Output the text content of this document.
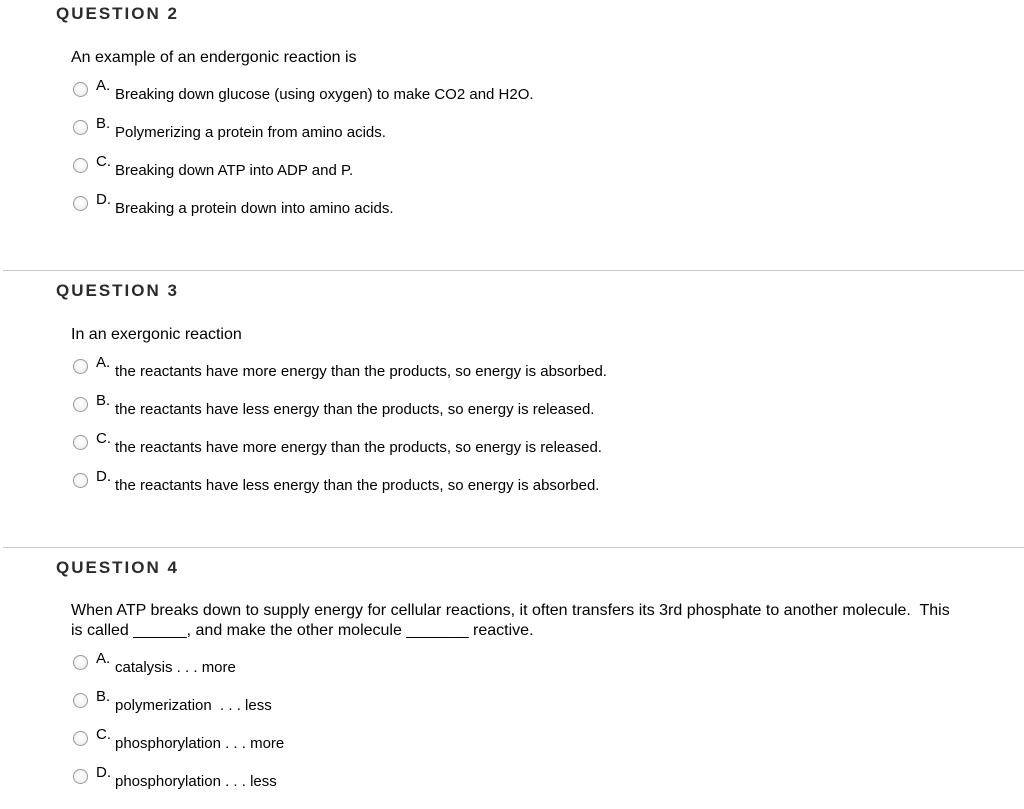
QUESTION 2
An example of an endergonic reaction is
A.
Breaking down glucose (using oxygen) to make CO2 and H2O.
B.
Polymerizing a protein from amino acids.
C.
Breaking down ATP into ADP and P.
D.
Breaking a protein down into amino acids.
QUESTION 3
In an exergonic reaction
A.
the reactants have more energy than the products, so energy is absorbed.
B.
the reactants have less energy than the products, so energy is released.
C.
the reactants have more energy than the products, so energy is released.
D.
the reactants have less energy than the products, so energy is absorbed.
QUESTION 4
When ATP breaks down to supply energy for cellular reactions, it often transfers its 3rd phosphate to another molecule.  This
is called ______, and make the other molecule _______ reactive.
A.
catalysis . . . more
B.
polymerization  . . . less
C.
phosphorylation . . . more
D.
phosphorylation . . . less
